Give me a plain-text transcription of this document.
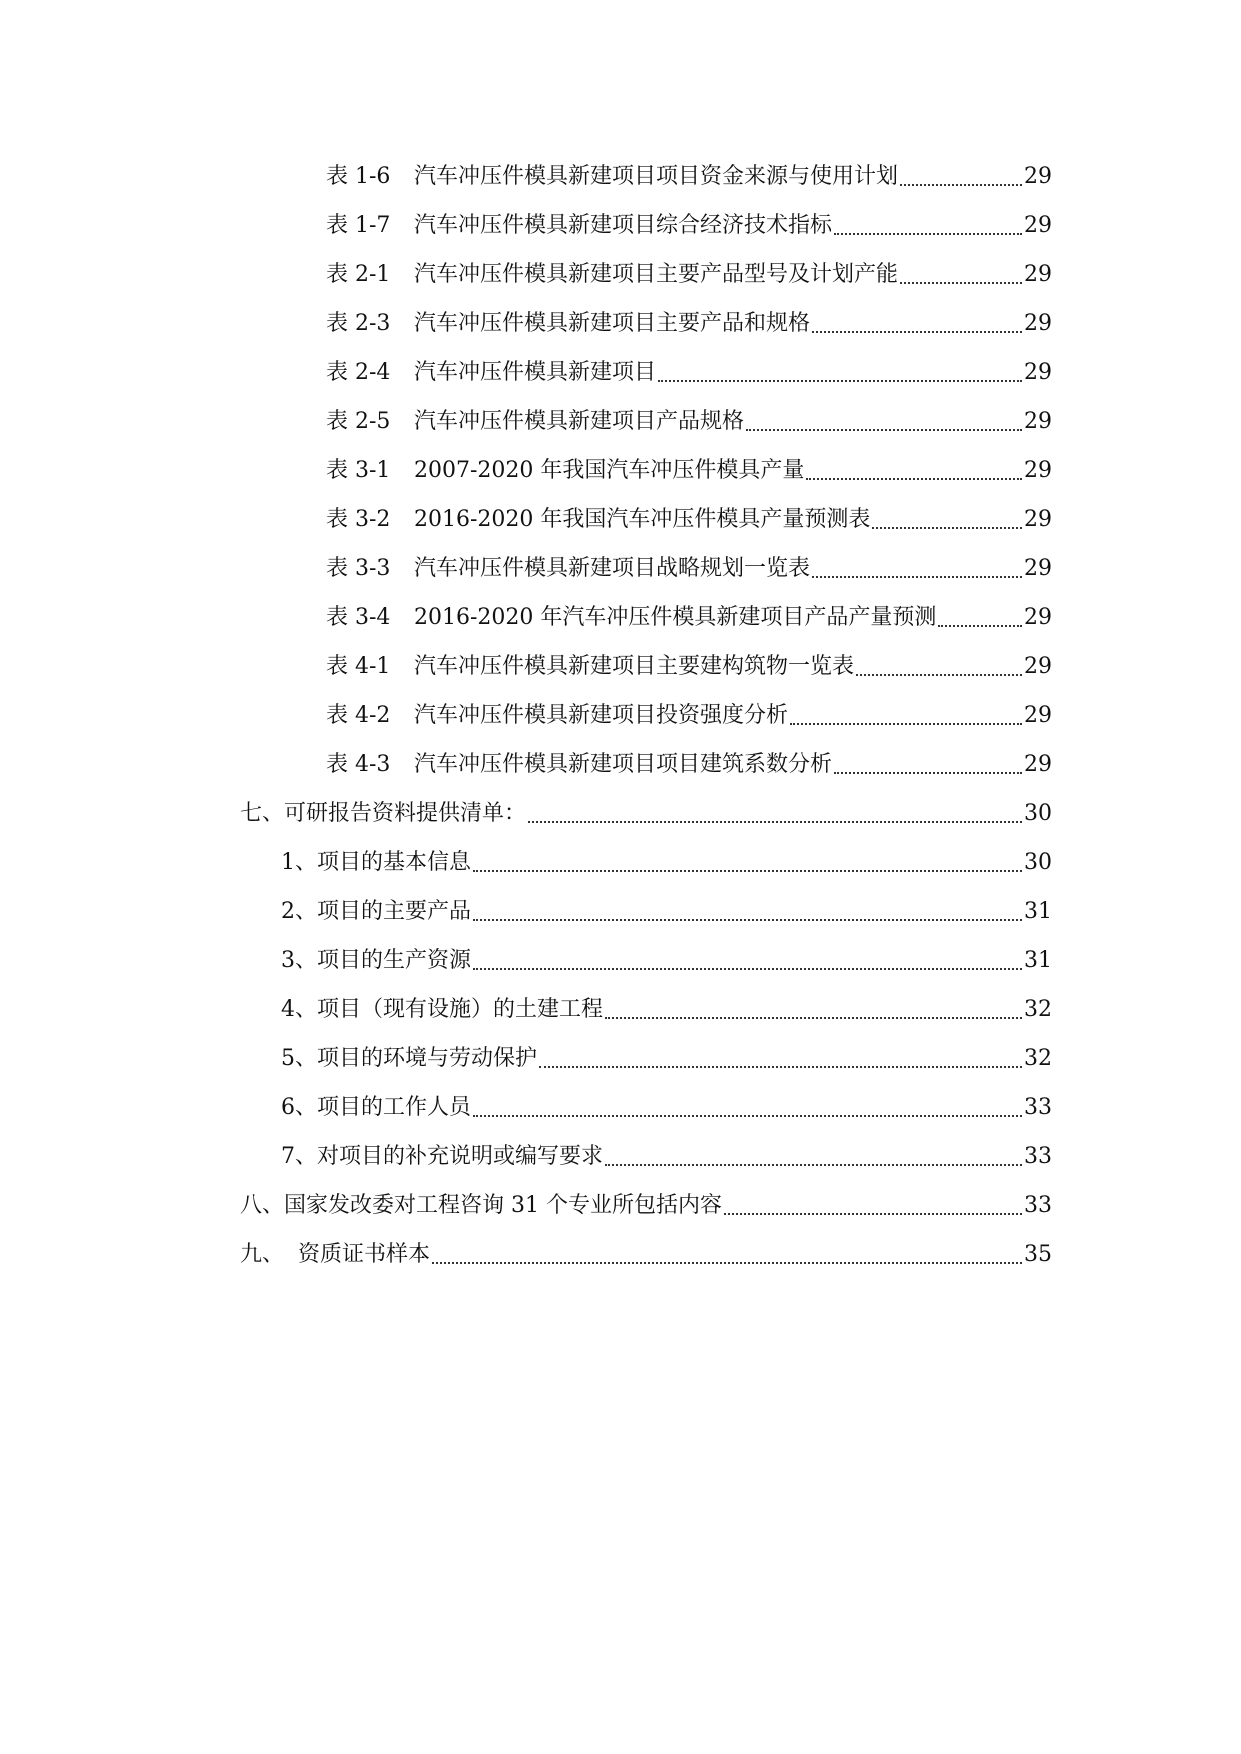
表 1-6 汽车冲压件模具新建项目项目资金来源与使用计划	29
表 1-7 汽车冲压件模具新建项目综合经济技术指标	29
表 2-1 汽车冲压件模具新建项目主要产品型号及计划产能	29
表 2-3 汽车冲压件模具新建项目主要产品和规格	29
表 2-4 汽车冲压件模具新建项目	29
表 2-5 汽车冲压件模具新建项目产品规格	29
表 3-1 2007-2020 年我国汽车冲压件模具产量	29
表 3-2 2016-2020 年我国汽车冲压件模具产量预测表	29
表 3-3 汽车冲压件模具新建项目战略规划一览表	29
表 3-4 2016-2020 年汽车冲压件模具新建项目产品产量预测	29
表 4-1 汽车冲压件模具新建项目主要建构筑物一览表	29
表 4-2 汽车冲压件模具新建项目投资强度分析	29
表 4-3 汽车冲压件模具新建项目项目建筑系数分析	29
七、可研报告资料提供清单：	30
1、项目的基本信息	30
2、项目的主要产品	31
3、项目的生产资源	31
4、项目（现有设施）的土建工程	32
5、项目的环境与劳动保护	32
6、项目的工作人员	33
7、对项目的补充说明或编写要求	33
八、国家发改委对工程咨询 31 个专业所包括内容	33
九、  资质证书样本	35
